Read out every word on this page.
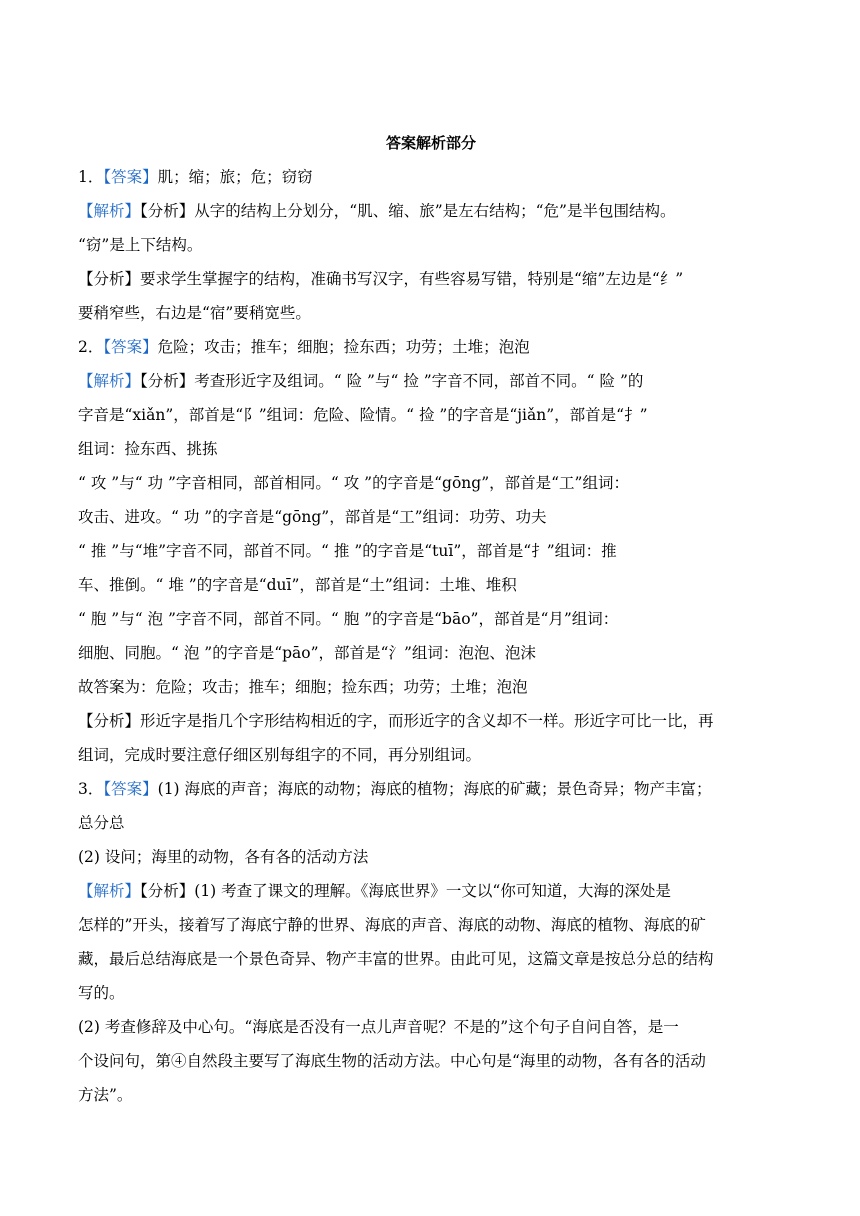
答案解析部分
1．【答案】肌；缩；旅；危；窃窃
【解析】【分析】从字的结构上分划分，“肌、缩、旅”是左右结构；“危”是半包围结构。
“窃”是上下结构。
【分析】要求学生掌握字的结构，准确书写汉字，有些容易写错，特别是“缩”左边是“纟”
要稍窄些，右边是“宿”要稍宽些。
2．【答案】危险；攻击；推车；细胞；捡东西；功劳；土堆；泡泡
【解析】【分析】考查形近字及组词。“ 险 ”与“ 捡 ”字音不同，部首不同。“ 险 ”的
字音是“xiǎn”，部首是“阝”组词：危险、险情。“ 捡 ”的字音是“jiǎn”，部首是“扌”
组词：捡东西、挑拣
“ 攻 ”与“ 功 ”字音相同，部首相同。“ 攻 ”的字音是“gōng”，部首是“工”组词：
攻击、进攻。“ 功 ”的字音是“gōng”，部首是“工”组词：功劳、功夫
“ 推 ”与“堆”字音不同，部首不同。“ 推 ”的字音是“tuī”，部首是“扌”组词：推
车、推倒。“ 堆 ”的字音是“duī”，部首是“土”组词：土堆、堆积
“ 胞 ”与“ 泡 ”字音不同，部首不同。“ 胞 ”的字音是“bāo”，部首是“月”组词：
细胞、同胞。“ 泡 ”的字音是“pāo”，部首是“氵”组词：泡泡、泡沫
故答案为：危险；攻击；推车；细胞；捡东西；功劳；土堆；泡泡
【分析】形近字是指几个字形结构相近的字，而形近字的含义却不一样。形近字可比一比，再
组词，完成时要注意仔细区别每组字的不同，再分别组词。
3．【答案】(1) 海底的声音；海底的动物；海底的植物；海底的矿藏；景色奇异；物产丰富；
总分总
(2) 设问；海里的动物，各有各的活动方法
【解析】【分析】(1) 考查了课文的理解。《海底世界》一文以“你可知道，大海的深处是
怎样的”开头，接着写了海底宁静的世界、海底的声音、海底的动物、海底的植物、海底的矿
藏，最后总结海底是一个景色奇异、物产丰富的世界。由此可见，这篇文章是按总分总的结构
写的。
(2) 考查修辞及中心句。“海底是否没有一点儿声音呢？不是的”这个句子自问自答，是一
个设问句，第④自然段主要写了海底生物的活动方法。中心句是“海里的动物，各有各的活动
方法”。
